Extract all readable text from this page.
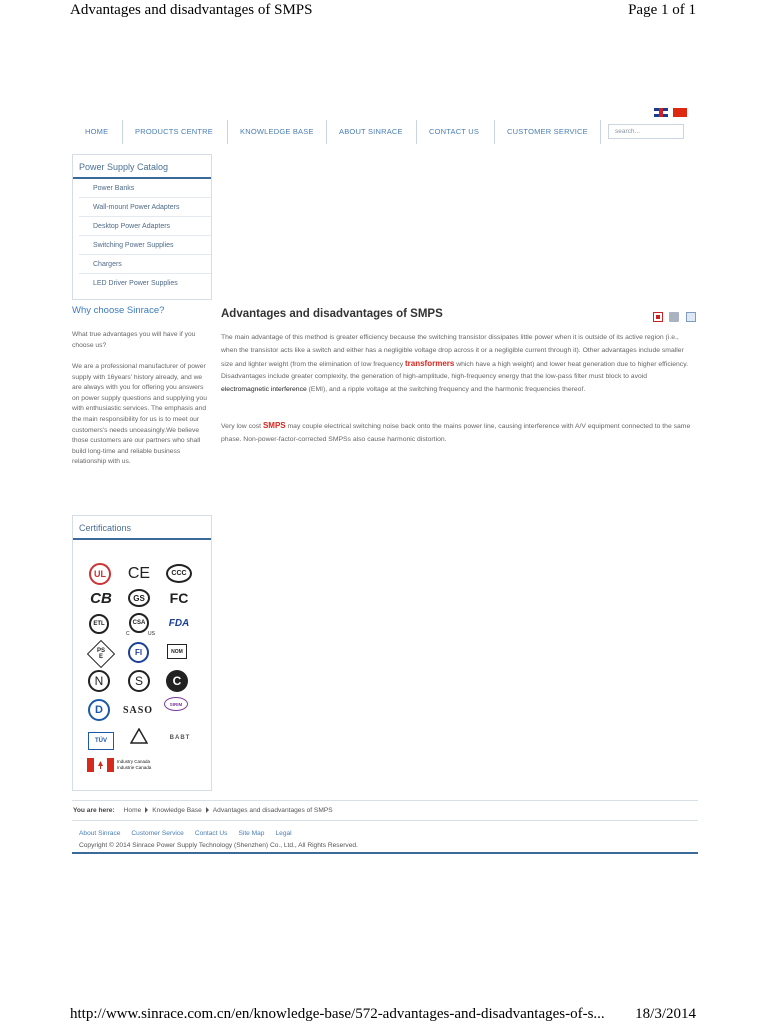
Advantages and disadvantages of SMPS	Page 1 of 1

HOME	PRODUCTS CENTRE	KNOWLEDGE BASE	ABOUT SINRACE	CONTACT US	CUSTOMER SERVICE	search...
Power Supply Catalog
Power Banks
Wall-mount Power Adapters
Desktop Power Adapters
Switching Power Supplies
Chargers
LED Driver Power Supplies
Why choose Sinrace?
What true advantages you will have if you choose us?
We are a professional manufacturer of power supply with 16years' history already, and we are always with you for offering you answers on power supply questions and supplying you with enthusiastic services. The emphasis and the main responsibility for us is to meet our customers's needs unceasingly.We believe those customers are our partners who shall build long-time and reliable business relationship with us.
Certifications
UL CE	CCC
CB	GS FC
ETL	CSA
C	US
FDA
PS
E	FI	NOM
N	S C
D SASO
SIRIM
TÜV	BABT
Industry Canada
Industrie Canada
Advantages and disadvantages of SMPS

The main advantage of this method is greater efficiency because the switching transistor dissipates little power when it is outside of its active region (i.e., when the transistor acts like a switch and either has a negligible voltage drop across it or a negligible current through it). Other advantages include smaller size and lighter weight (from the elimination of low frequency transformers which have a high weight) and lower heat generation due to higher efficiency. Disadvantages include greater complexity, the generation of high-amplitude, high-frequency energy that the low-pass filter must block to avoid electromagnetic interference (EMI), and a ripple voltage at the switching frequency and the harmonic frequencies thereof.
Very low cost SMPS may couple electrical switching noise back onto the mains power line, causing interference with A/V equipment connected to the same phase. Non-power-factor-corrected SMPSs also cause harmonic distortion.
You are here: Home Knowledge Base Advantages and disadvantages of SMPS
About Sinrace Customer Service Contact Us Site Map Legal
Copyright © 2014 Sinrace Power Supply Technology (Shenzhen) Co., Ltd., All Rights Reserved.
http://www.sinrace.com.cn/en/knowledge-base/572-advantages-and-disadvantages-of-s... 18/3/2014
